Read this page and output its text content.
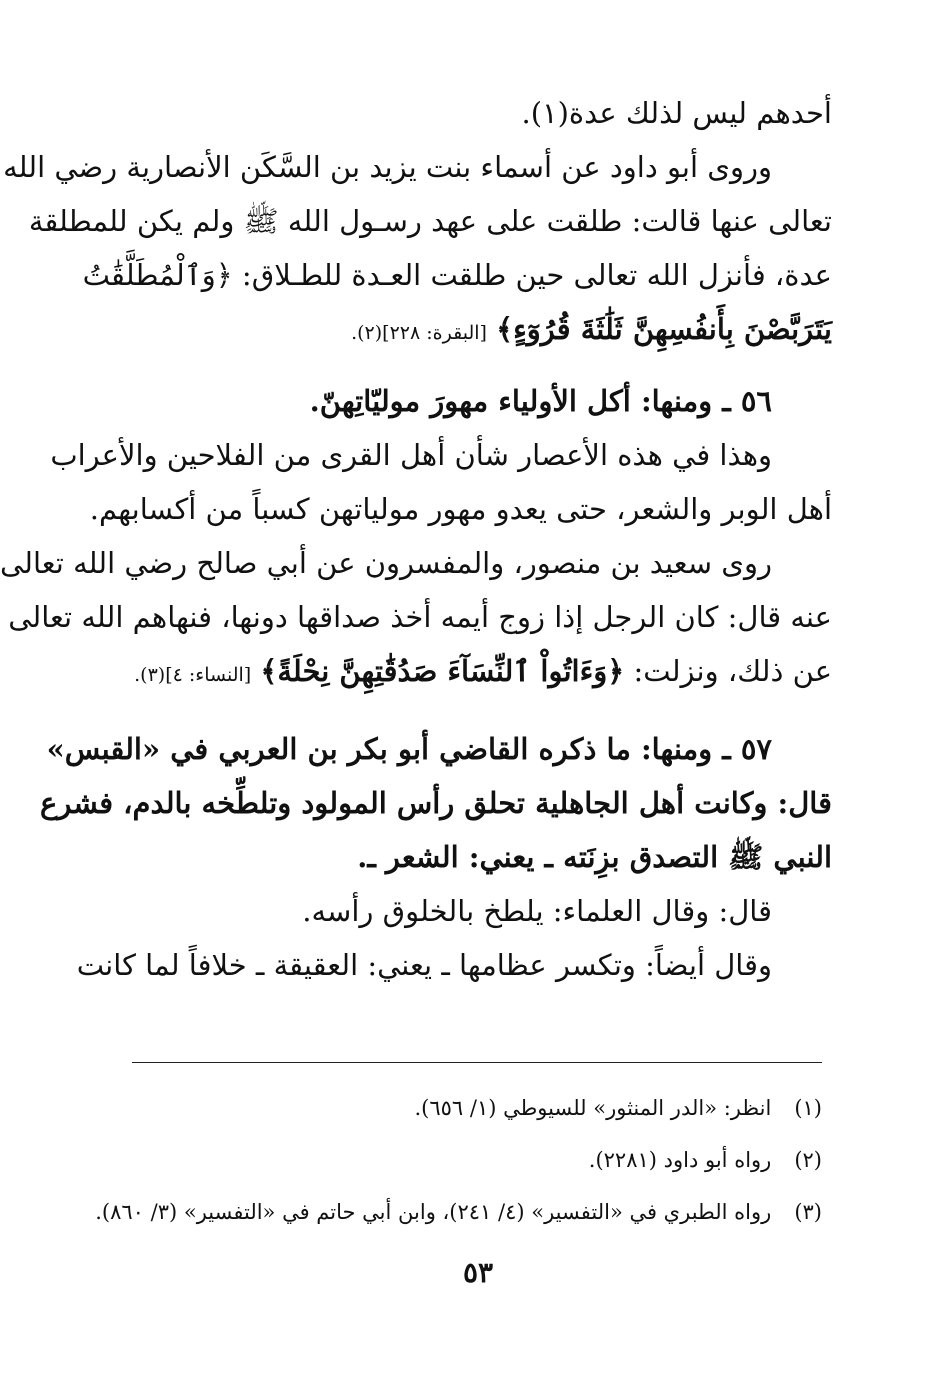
أحدهم ليس لذلك عدة(١).
وروى أبو داود عن أسماء بنت يزيد بن السَّكَن الأنصارية رضي الله
تعالى عنها قالت: طلقت على عهد رسـول الله ﷺ ولم يكن للمطلقة
عدة، فأنزل الله تعالى حين طلقت العـدة للطـلاق: ﴿وَٱلْمُطَلَّقَٰتُ
يَتَرَبَّصْنَ بِأَنفُسِهِنَّ ثَلَٰثَةَ قُرُوٓءٍ﴾ [البقرة: ٢٢٨](٢).
٥٦ ـ ومنها: أكل الأولياء مهورَ موليّاتِهنّ.
وهذا في هذه الأعصار شأن أهل القرى من الفلاحين والأعراب
أهل الوبر والشعر، حتى يعدو مهور مولياتهن كسباً من أكسابهم.
روى سعيد بن منصور، والمفسرون عن أبي صالح رضي الله تعالى
عنه قال: كان الرجل إذا زوج أيمه أخذ صداقها دونها، فنهاهم الله تعالى
عن ذلك، ونزلت: ﴿وَءَاتُواْ ٱلنِّسَآءَ صَدُقَٰتِهِنَّ نِحْلَةً﴾ [النساء: ٤](٣).
٥٧ ـ ومنها: ما ذكره القاضي أبو بكر بن العربي في «القبس»
قال: وكانت أهل الجاهلية تحلق رأس المولود وتلطِّخه بالدم، فشرع
النبي ﷺ التصدق بزِنَته ـ يعني: الشعر ـ.
قال: وقال العلماء: يلطخ بالخلوق رأسه.
وقال أيضاً: وتكسر عظامها ـ يعني: العقيقة ـ خلافاً لما كانت
(١) انظر: «الدر المنثور» للسيوطي (١/ ٦٥٦).
(٢) رواه أبو داود (٢٢٨١).
(٣) رواه الطبري في «التفسير» (٤/ ٢٤١)، وابن أبي حاتم في «التفسير» (٣/ ٨٦٠).
٥٣
